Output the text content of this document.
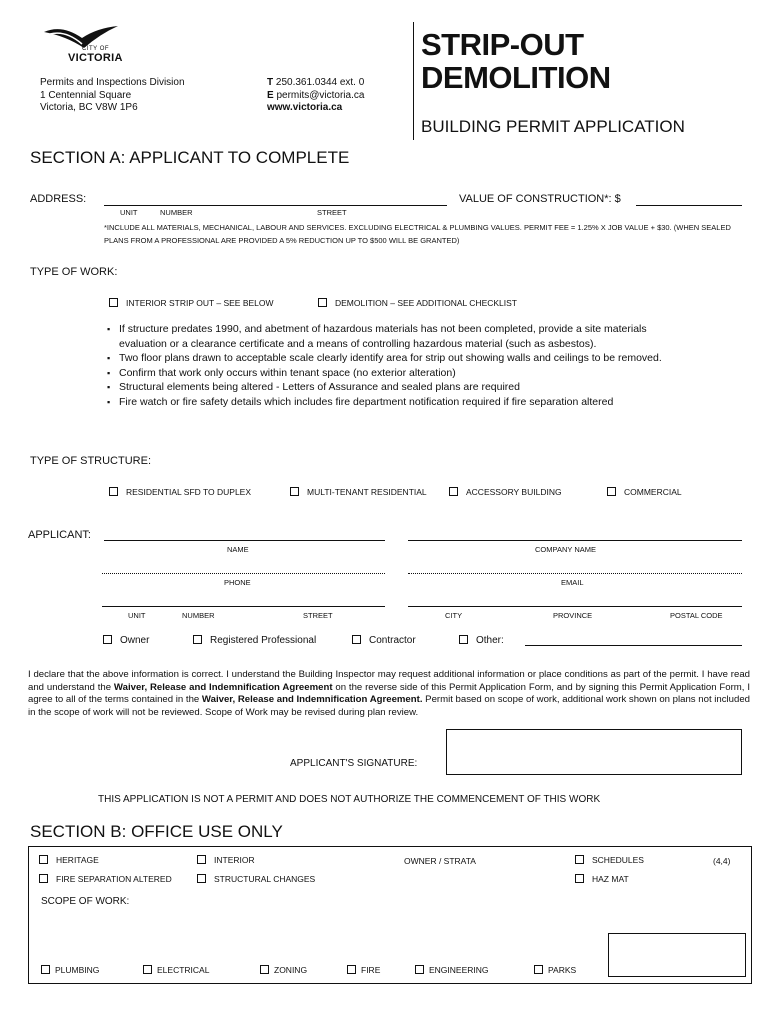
CITY OF
VICTORIA
Permits and Inspections Division
1 Centennial Square
Victoria, BC V8W 1P6
T 250.361.0344 ext. 0
E permits@victoria.ca
www.victoria.ca
STRIP-OUT
DEMOLITION
BUILDING PERMIT APPLICATION
SECTION A: APPLICANT TO COMPLETE
ADDRESS:	VALUE OF CONSTRUCTION*: $
UNIT	NUMBER	STREET
*INCLUDE ALL MATERIALS, MECHANICAL, LABOUR AND SERVICES. EXCLUDING ELECTRICAL & PLUMBING VALUES. PERMIT FEE = 1.25% X JOB VALUE + $30. (WHEN SEALED
PLANS FROM A PROFESSIONAL ARE PROVIDED A 5% REDUCTION UP TO $500 WILL BE GRANTED)
TYPE OF WORK:
INTERIOR STRIP OUT – SEE BELOW	DEMOLITION – SEE ADDITIONAL CHECKLIST
▪ If structure predates 1990, and abetment of hazardous materials has not been completed, provide a site materials evaluation or a clearance certificate and a means of controlling hazardous material (such as asbestos).
▪ Two floor plans drawn to acceptable scale clearly identify area for strip out showing walls and ceilings to be removed.
▪ Confirm that work only occurs within tenant space (no exterior alteration)
▪ Structural elements being altered - Letters of Assurance and sealed plans are required
▪ Fire watch or fire safety details which includes fire department notification required if fire separation altered
TYPE OF STRUCTURE:
RESIDENTIAL SFD TO DUPLEX	MULTI-TENANT RESIDENTIAL	ACCESSORY BUILDING	COMMERCIAL
APPLICANT:
NAME	COMPANY NAME
PHONE	EMAIL
UNIT	NUMBER	STREET	CITY	PROVINCE	POSTAL CODE
Owner	Registered Professional	Contractor	Other:
I declare that the above information is correct. I understand the Building Inspector may request additional information or place conditions as part of the permit. I have read and understand the Waiver, Release and Indemnification Agreement on the reverse side of this Permit Application Form, and by signing this Permit Application Form, I agree to all of the terms contained in the Waiver, Release and Indemnification Agreement. Permit based on scope of work, additional work shown on plans not included in the scope of work will not be reviewed. Scope of Work may be revised during plan review.
APPLICANT'S SIGNATURE:
THIS APPLICATION IS NOT A PERMIT AND DOES NOT AUTHORIZE THE COMMENCEMENT OF THIS WORK
SECTION B: OFFICE USE ONLY
HERITAGE	INTERIOR	OWNER / STRATA	SCHEDULES	(4,4)
FIRE SEPARATION ALTERED	STRUCTURAL CHANGES	HAZ MAT
SCOPE OF WORK:
PLUMBING	ELECTRICAL	ZONING	FIRE	ENGINEERING	PARKS
